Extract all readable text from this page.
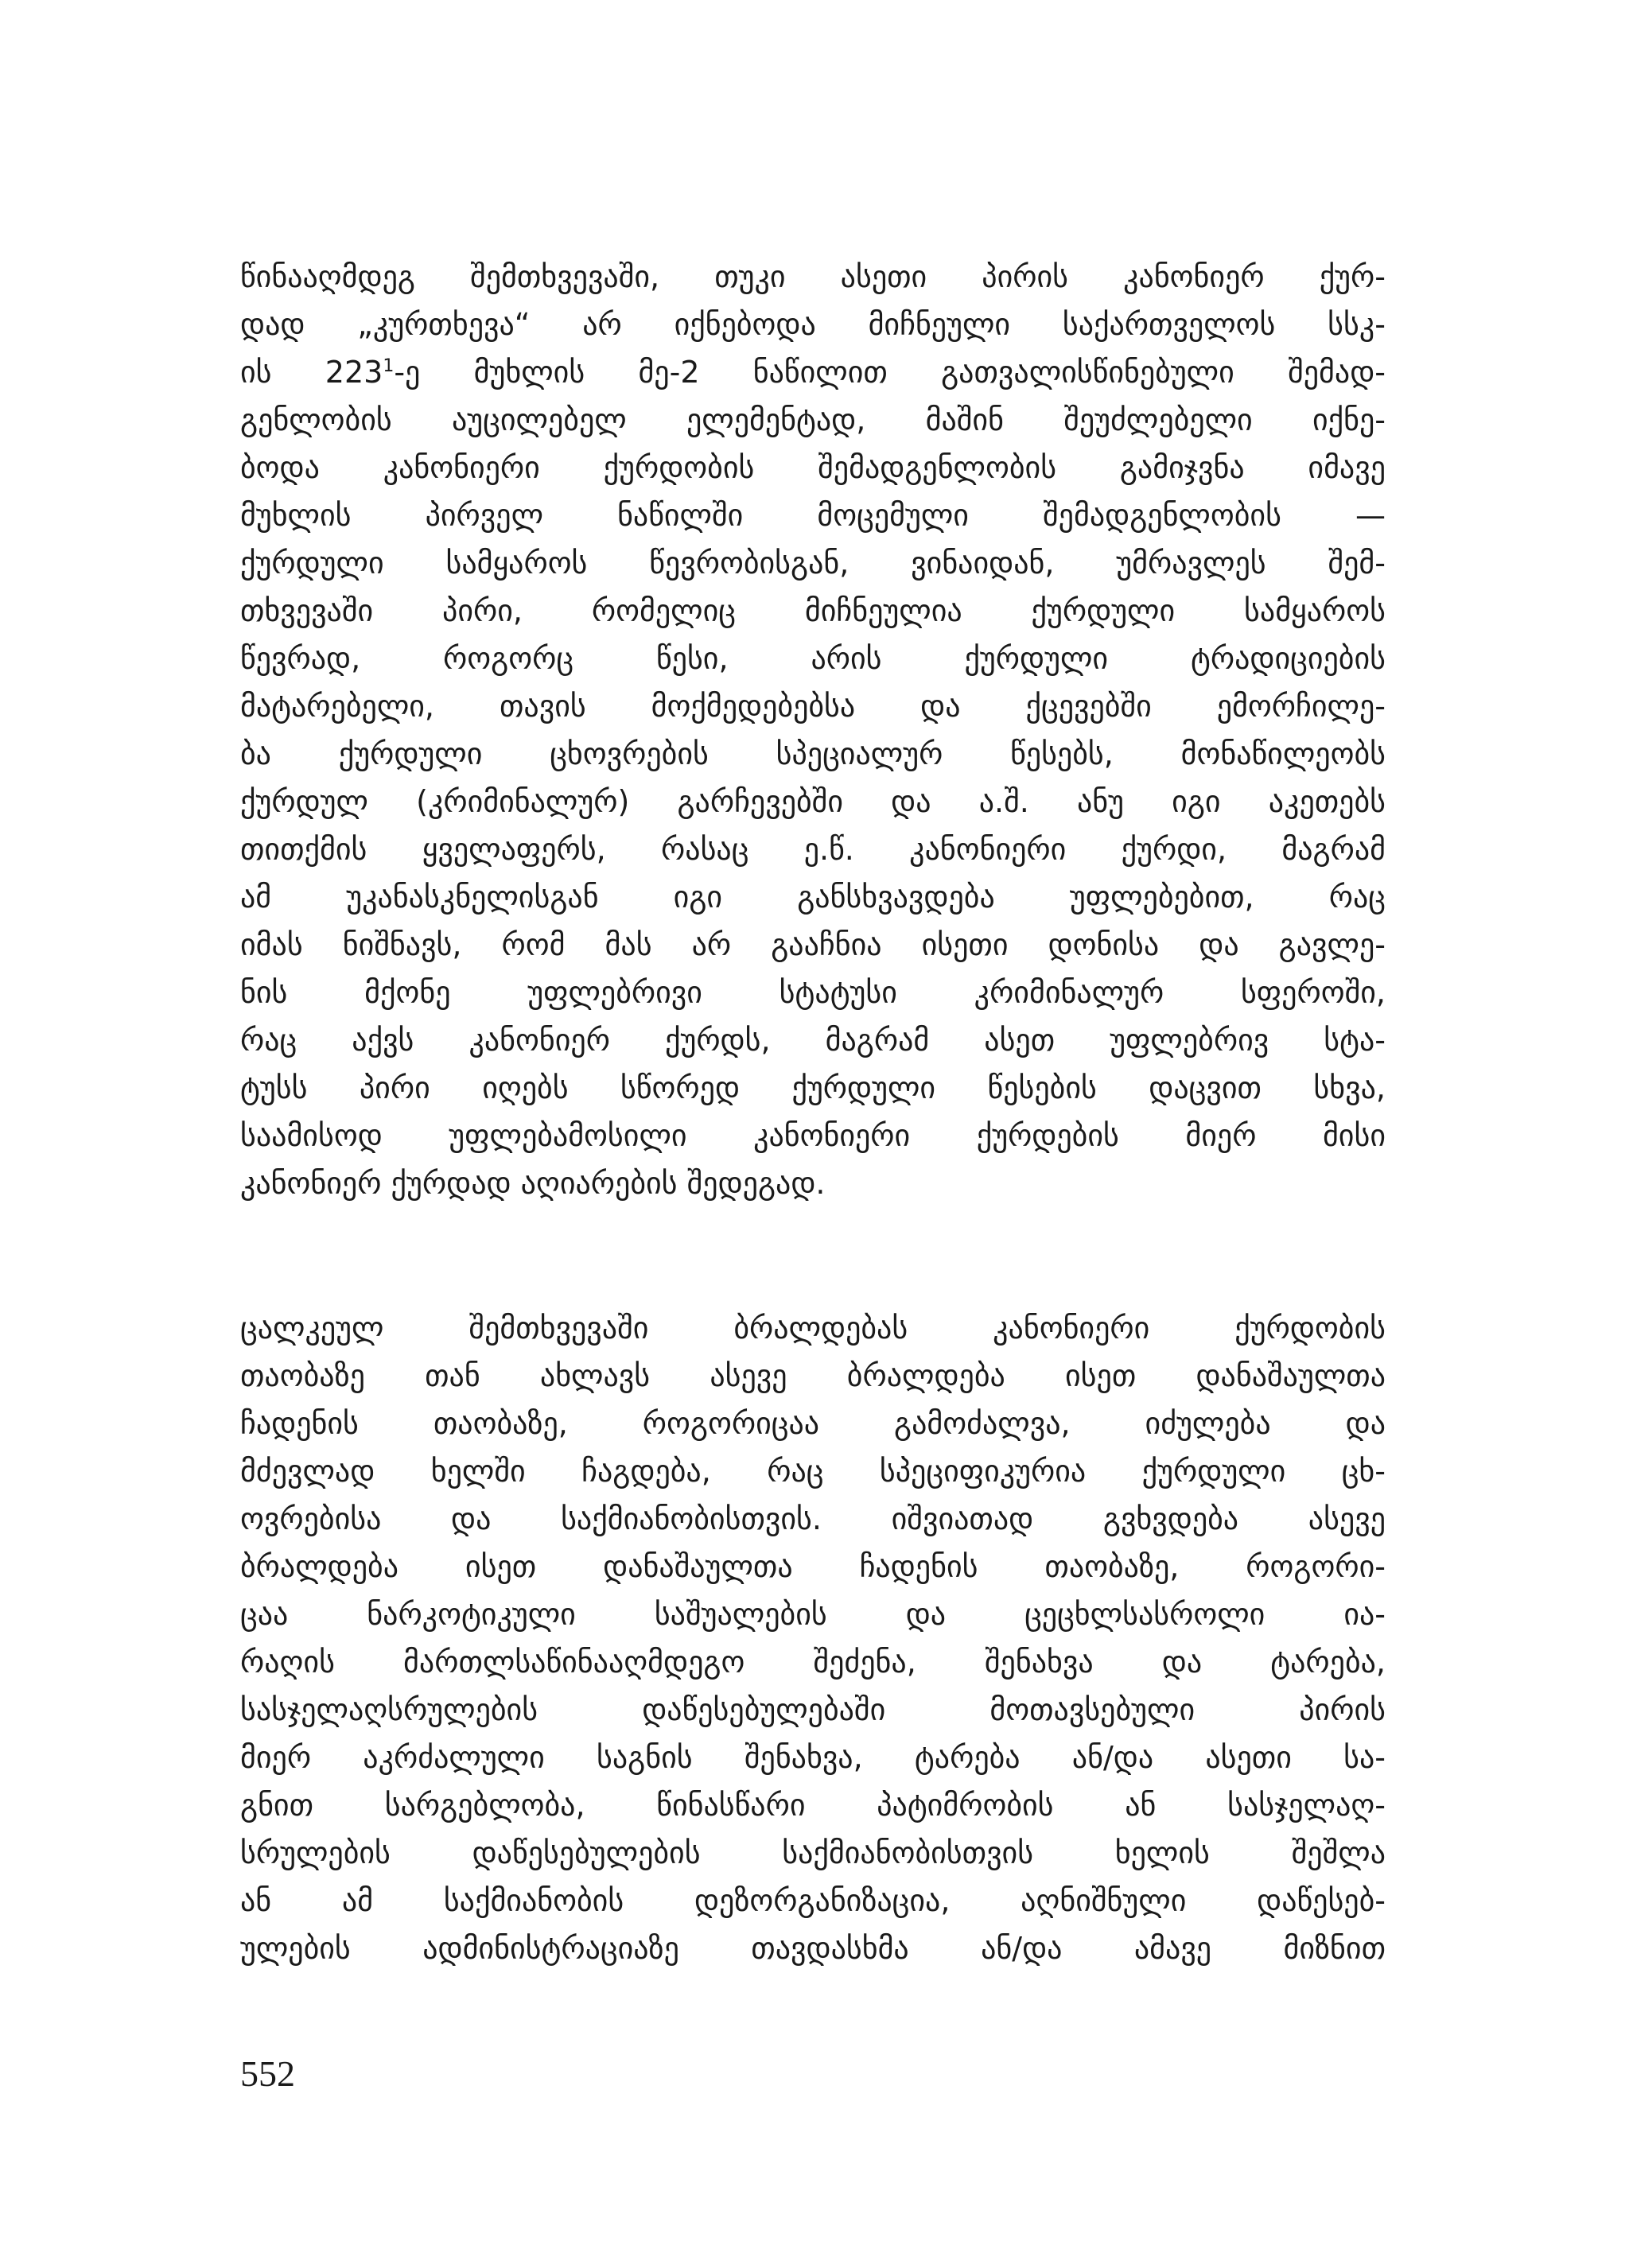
წინააღმდეგ შემთხვევაში, თუკი ასეთი პირის კანონიერ ქურ-
დად „კურთხევა“ არ იქნებოდა მიჩნეული საქართველოს სსკ-
ის $223^1-ე$ მუხლის მე-2 ნაწილით გათვალისწინებული შემად-
გენლობის აუცილებელ ელემენტად, მაშინ შეუძლებელი იქნე-
ბოდა კანონიერი ქურდობის შემადგენლობის გამიჯვნა იმავე
მუხლის პირველ ნაწილში მოცემული შემადგენლობის —
ქურდული სამყაროს წევრობისგან, ვინაიდან, უმრავლეს შემ-
თხვევაში პირი, რომელიც მიჩნეულია ქურდული სამყაროს
წევრად, როგორც წესი, არის ქურდული ტრადიციების
მატარებელი, თავის მოქმედებებსა და ქცევებში ემორჩილე-
ბა ქურდული ცხოვრების სპეციალურ წესებს, მონაწილეობს
ქურდულ (კრიმინალურ) გარჩევებში და ა.შ. ანუ იგი აკეთებს
თითქმის ყველაფერს, რასაც ე.წ. კანონიერი ქურდი, მაგრამ
ამ უკანასკნელისგან იგი განსხვავდება უფლებებით, რაც
იმას ნიშნავს, რომ მას არ გააჩნია ისეთი დონისა და გავლე-
ნის მქონე უფლებრივი სტატუსი კრიმინალურ სფეროში,
რაც აქვს კანონიერ ქურდს, მაგრამ ასეთ უფლებრივ სტა-
ტუსს პირი იღებს სწორედ ქურდული წესების დაცვით სხვა,
საამისოდ უფლებამოსილი კანონიერი ქურდების მიერ მისი
კანონიერ ქურდად აღიარების შედეგად.
ცალკეულ შემთხვევაში ბრალდებას კანონიერი ქურდობის
თაობაზე თან ახლავს ასევე ბრალდება ისეთ დანაშაულთა
ჩადენის თაობაზე, როგორიცაა გამოძალვა, იძულება და
მძევლად ხელში ჩაგდება, რაც სპეციფიკურია ქურდული ცხ-
ოვრებისა და საქმიანობისთვის. იშვიათად გვხვდება ასევე
ბრალდება ისეთ დანაშაულთა ჩადენის თაობაზე, როგორი-
ცაა ნარკოტიკული საშუალების და ცეცხლსასროლი ია-
რაღის მართლსაწინააღმდეგო შეძენა, შენახვა და ტარება,
სასჯელაღსრულების დაწესებულებაში მოთავსებული პირის
მიერ აკრძალული საგნის შენახვა, ტარება ან/და ასეთი სა-
გნით სარგებლობა, წინასწარი პატიმრობის ან სასჯელაღ-
სრულების დაწესებულების საქმიანობისთვის ხელის შეშლა
ან ამ საქმიანობის დეზორგანიზაცია, აღნიშნული დაწესებ-
ულების ადმინისტრაციაზე თავდასხმა ან/და ამავე მიზნით
552
